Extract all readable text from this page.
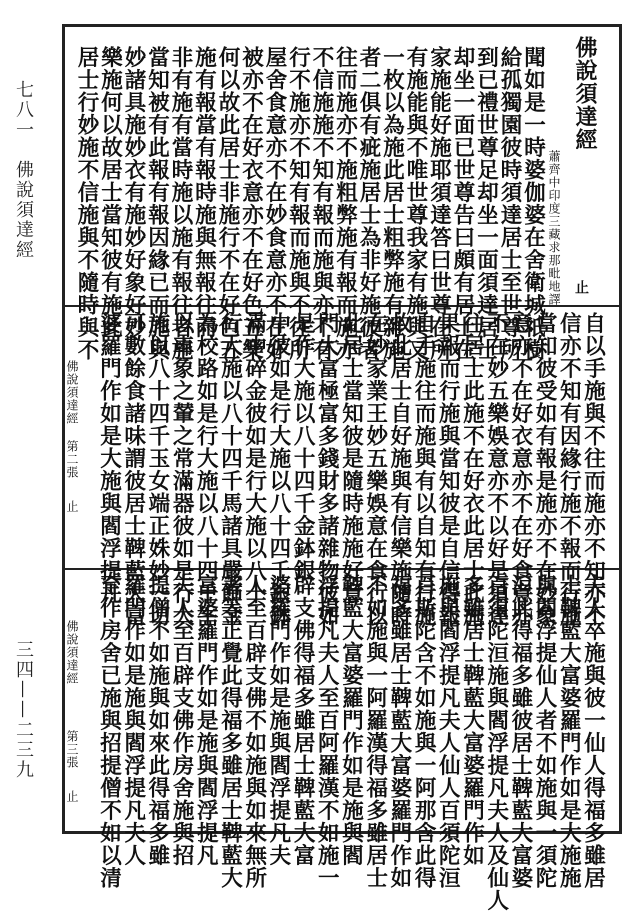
七八一　佛說須達經
三四——二三九
佛說須達經
蕭齊中印度三藏求那毗地譯 止
聞如是一時婆伽婆在舍衛城祇樹
給孤獨園彼時須達居士至世尊所
到已禮世尊足却坐一面須達居士
却坐一面已世尊告曰頗有居士在
家施能好施耶須達答曰世尊在所
有施能與不唯世尊我家有施與又
一枚以為施此居士粗弊施有雜施
者二俱有疵施居士為非好施彼者
往而施亦不施粗弊施有報而施亦
不信施施不知有報而施與亦不有
行不施亦不知有報而施與不往所
屋舍食意亦不在妙食意亦不在好
被亦不在好衣意亦不在好色五樂
何以故此居士非施行不在好色五
施有報當有報時施與無報往而
非有施有當時施以施有報往者施
當知被有此報有報因緣已而施與
妙諸具施妙衣有施妙好象好妙
樂施何以故居士當知彼有施此
居士行妙施不信施與不隨時與不
自以手施與不往而施亦不知亦不
信亦不知有因緣行施不報而行施
當知彼受如有報是施亦不在妙象
意亦不在好衣意亦不在好食意亦
不在妙五樂娛意亦不以好是須達
往居士此施不在好衣此居士此施
果報而行施與當知彼是自信得報
自手施往而施與有以自知有行施
故此居士自好施與有信樂施隨時
在妙家業王妙五樂娛意在食行以
此居士當知彼是隨時施施好意
門大富極富多錢財多諸雜物彼如
是作大施以八十四千金鉢銀
中彼如是行大施以八十四千銀鉢
滿中碎金彼如是行大施以八十
行大施以八十四千馬諸具嚴飾金
為校路如是行大施以八十四千牛
以車象之輦之常滿器彼如是行大
施以八十四千玉女端正姝妙一切
可數餘食諸味謂彼居士鞞藍大富
婆羅門作如是大施與閻浮提凡
夫人卒施與彼一仙人得福多雖居
士鞞藍大富婆羅門作如是大施施
與閻浮提仙人者不如施與一須陀
洹此得福多雖彼居士鞞藍大富婆
百須陀洹施與閻浮提凡夫人及仙人
多雖居士鞞藍大富婆羅門作如
施與閻浮提凡夫人仙人百須陀洹
百斯陀含不如施與一阿那含此得
福多雖居士鞞藍大富婆羅門作如
不如施與一阿羅漢得福多雖居士
鞞藍大富婆羅門作如是施與閻
浮提凡夫人至百阿羅漢不如施一
辟支佛得福多雖居士鞞藍大富
婆羅門作如是施與閻浮提凡夫
人至百辟支佛不如施與如來無所
著等正覺此得福多雖居士鞞藍大
富婆羅門作如是施與閻浮提凡
夫人至百辟支佛作房舍施與招
提僧不如施與如來此得福多雖
羅門作如是施與閻浮提凡夫人
至作房舍已施與招提僧不如以清
佛說須達經
第二張
止
佛說須達經
第三張
止
